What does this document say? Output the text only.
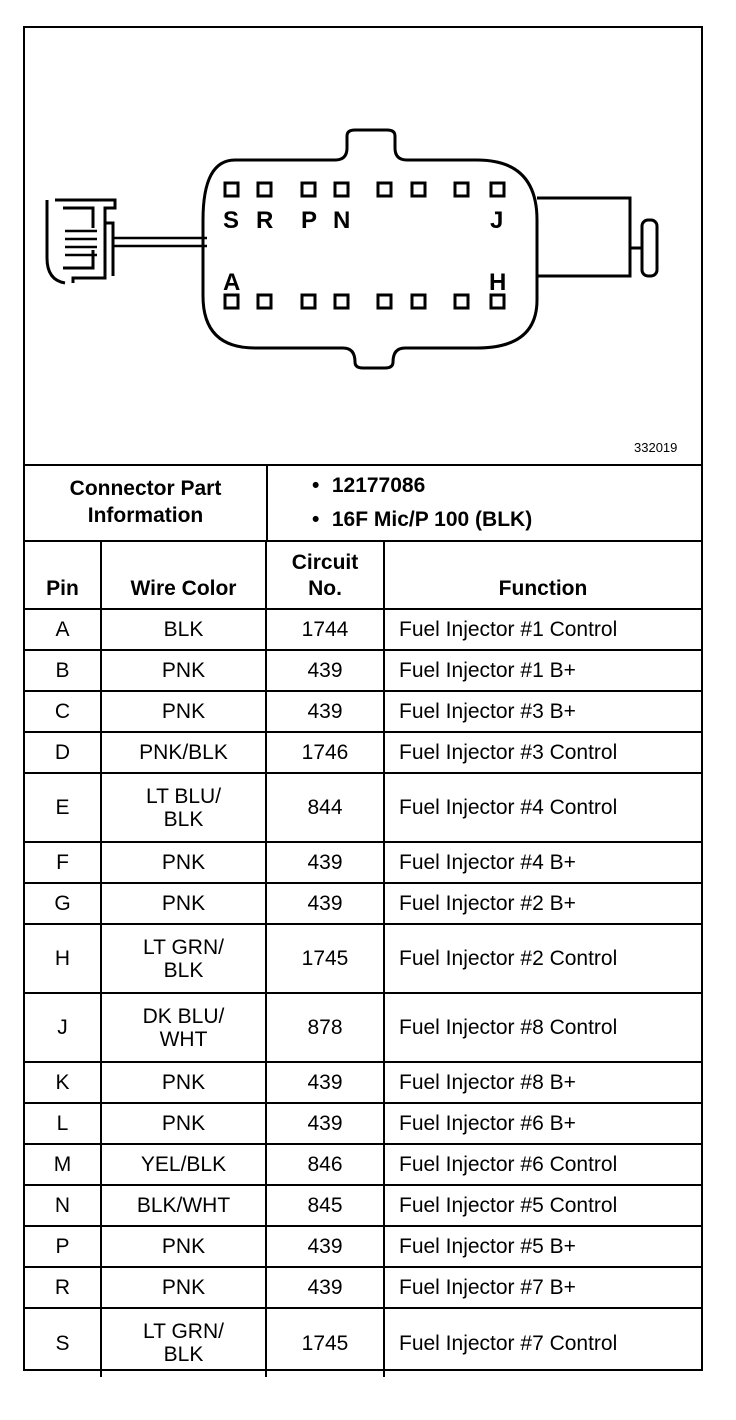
S R P N	J
A	H
332019
Connector Part
Information
• 12177086
• 16F Mic/P 100 (BLK)
Pin	Wire Color	Circuit
No.	Function
A	BLK	1744	Fuel Injector #1 Control
B	PNK	439	Fuel Injector #1 B+
C	PNK	439	Fuel Injector #3 B+
D	PNK/BLK	1746	Fuel Injector #3 Control
E	LT BLU/
BLK	844	Fuel Injector #4 Control
F	PNK	439	Fuel Injector #4 B+
G	PNK	439	Fuel Injector #2 B+
H	LT GRN/
BLK	1745	Fuel Injector #2 Control
J	DK BLU/
WHT	878	Fuel Injector #8 Control
K	PNK	439	Fuel Injector #8 B+
L	PNK	439	Fuel Injector #6 B+
M	YEL/BLK	846	Fuel Injector #6 Control
N	BLK/WHT	845	Fuel Injector #5 Control
P	PNK	439	Fuel Injector #5 B+
R	PNK	439	Fuel Injector #7 B+
S	LT GRN/
BLK	1745	Fuel Injector #7 Control
